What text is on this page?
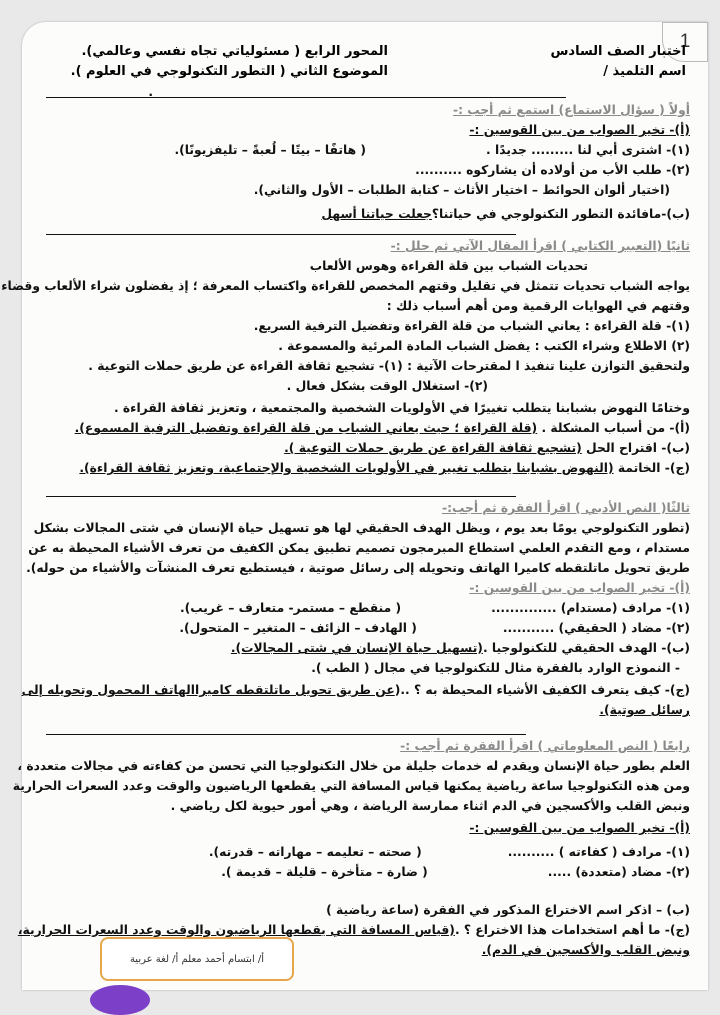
1
اختبار الصف السادس
اسم التلميذ /
المحور الرابع ( مسئولياتي تجاه نفسي وعالمي).
الموضوع الثاني ( التطور التكنولوجي في العلوم ).
.
أولاً ( سؤال الاستماع) استمع ثم أجب :-
(أ)- تخير الصواب من بين القوسين :-
(١)- اشترى أبي لنا ......... جديدًا .( هاتفًا – بيتًا – لُعبةً – تليفزيونًا).
(٢)- طلب الأب من أولاده أن يشاركوه ..........
(اختيار ألوان الحوائط – اختيار الأثاث – كتابة الطلبات – الأول والثاني).
(ب)-مافائدة التطور التكنولوجي في حياتنا؟جعلت حياتنا أسهل
ثانيًا (التعبير الكتابي ) اقرأ المقال الآتي ثم حلل :-
تحديات الشباب بين قلة القراءة وهوس الألعاب
يواجه الشباب تحديات تتمثل في تقليل وقتهم المخصص للقراءة واكتساب المعرفة ؛ إذ يفضلون شراء الألعاب وقضاء
وقتهم في الهوايات الرقمية ومن أهم أسباب ذلك :
(١)- قلة القراءة : يعاني الشباب من قلة القراءة وتفضيل الترفية السريع.
(٢) الاطلاع وشراء الكتب : يفضل الشباب المادة المرئية والمسموعة .
ولتحقيق التوازن علينا تنفيذ ا لمقترحات الآتية : (١)- تشجيع ثقافة القراءة عن طريق حملات التوعية .
(٢)- استغلال الوقت بشكل فعال .
وختامًا النهوض بشبابنا يتطلب تغييرًا في الأولويات الشخصية والمجتمعية ، وتعزيز ثقافة القراءة .
(أ)- من أسباب المشكلة . (قلة القراءة ؛ حيث يعاني الشباب من قلة القراءة وتفضيل الترفية المسموع).
(ب)- اقتراح الحل (تشجيع ثقافة القراءة عن طريق حملات التوعية ).
(ج)- الخاتمة (النهوض بشبابنا يتطلب تغيير في الأولويات الشخصية والإجتماعية، وتعزيز ثقافة القراءة).
ثالثًا( النص الأدبي ) اقرأ الفقرة ثم أجب:-
(تطور التكنولوجي يومًا بعد يوم ، ويظل الهدف الحقيقي لها هو تسهيل حياة الإنسان في شتى المجالات بشكل
مستدام ، ومع التقدم العلمي استطاع المبرمجون تصميم تطبيق يمكن الكفيف من تعرف الأشياء المحيطة به عن
طريق تحويل ماتلتقطه كاميرا الهاتف وتحويله إلى رسائل صوتية ، فيستطيع تعرف المنشآت والأشياء من حوله).
(أ)- تخير الصواب من بين القوسين :-
(١)- مرادف (مستدام) ..............( منقطع – مستمر- متعارف – غريب).
(٢)- مضاد ( الحقيقي) ...........( الهادف – الزائف – المتغير – المتحول).
(ب)- الهدف الحقيقي للتكنولوجيا .(تسهيل حياة الإنسان في شتى المجالات).
- النموذج الوارد بالفقرة مثال للتكنولوجيا في مجال ( الطب ).
(ج)- كيف يتعرف الكفيف الأشياء المحيطة به ؟ ..(عن طريق تحويل ماتلتقطه كاميراالهاتف المحمول وتحويله إلى
رسائل صوتية).
رابعًا ( النص المعلوماتي ) اقرأ الفقرة ثم أجب :-
العلم بطور حياة الإنسان ويقدم له خدمات جليلة من خلال التكنولوجيا التي تحسن من كفاءته في مجالات متعددة ،
ومن هذه التكنولوجيا ساعة رياضية يمكنها قياس المسافة التي يقطعها الرياضيون والوقت وعدد السعرات الحرارية
ونبض القلب والأكسجين في الدم اثناء ممارسة الرياضة ، وهي أمور حيوية لكل رياضي .
(أ)- تخير الصواب من بين القوسين :-
(١)- مرادف ( كفاءته ) ..........( صحته – تعليمه – مهاراته – قدرته).
(٢)- مضاد (متعددة) .....( ضارة – متأخرة – قليلة – قديمة ).
(ب) – اذكر اسم الاختراع المذكور في الفقرة (ساعة رياضية )
(ج)- ما أهم استخدامات هذا الاختراع ؟ .(قياس المسافة التي يقطعها الرياضيون والوقت وعدد السعرات الحرارية،
ونبض القلب والأكسجين في الدم).
أ/ ابتسام أحمد معلم أ/ لغة عربية
